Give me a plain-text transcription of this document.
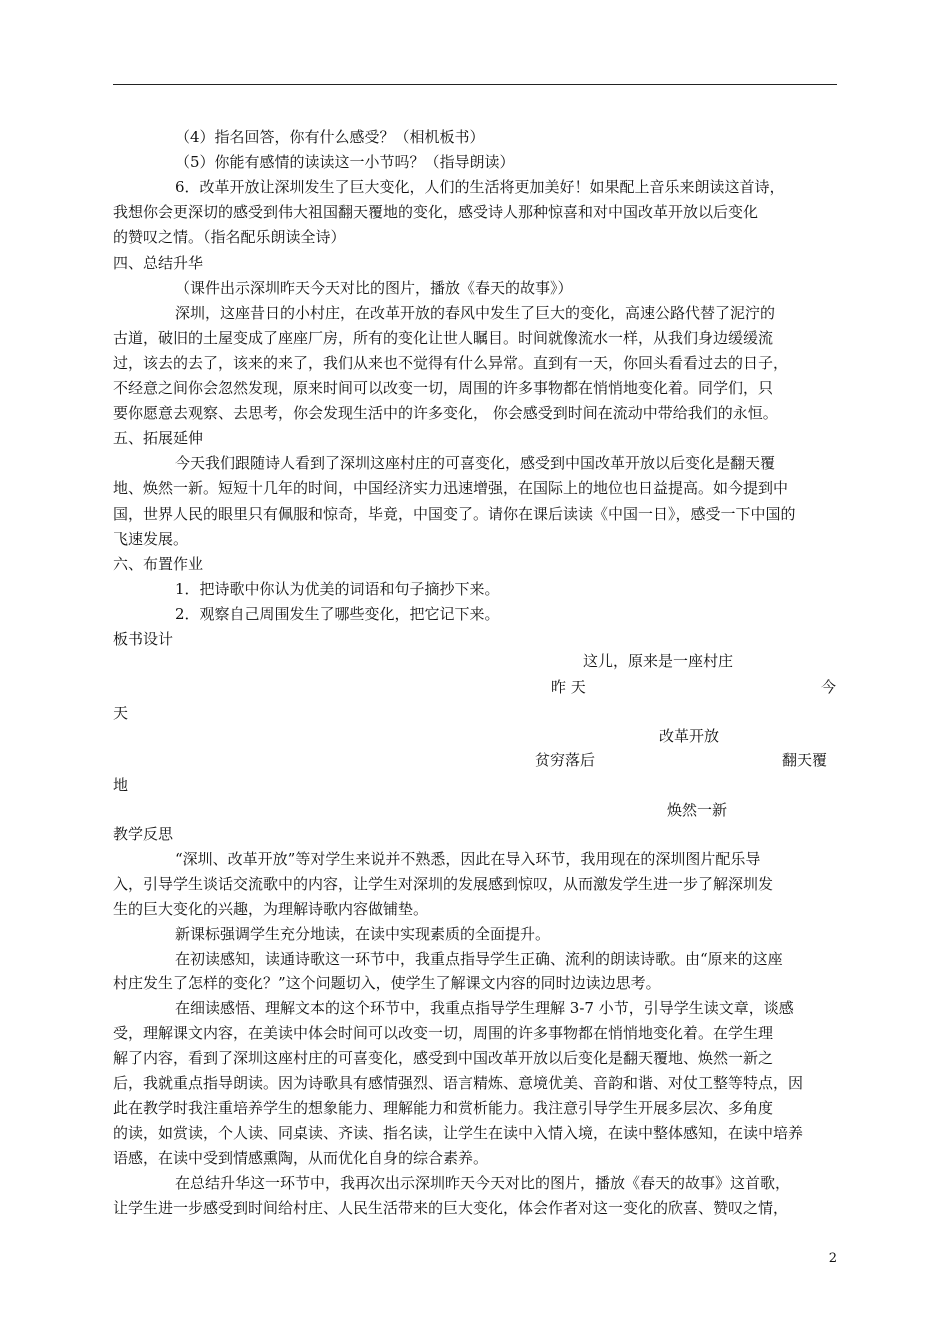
（4）指名回答，你有什么感受？（相机板书）
（5）你能有感情的读读这一小节吗？（指导朗读）
6．改革开放让深圳发生了巨大变化，人们的生活将更加美好！如果配上音乐来朗读这首诗，
我想你会更深切的感受到伟大祖国翻天覆地的变化，感受诗人那种惊喜和对中国改革开放以后变化
的赞叹之情。（指名配乐朗读全诗）
四、总结升华
（课件出示深圳昨天今天对比的图片，播放《春天的故事》）
深圳，这座昔日的小村庄，在改革开放的春风中发生了巨大的变化，高速公路代替了泥泞的
古道，破旧的土屋变成了座座厂房，所有的变化让世人瞩目。时间就像流水一样，从我们身边缓缓流
过，该去的去了，该来的来了，我们从来也不觉得有什么异常。直到有一天，你回头看看过去的日子，
不经意之间你会忽然发现，原来时间可以改变一切，周围的许多事物都在悄悄地变化着。同学们，只
要你愿意去观察、去思考，你会发现生活中的许多变化， 你会感受到时间在流动中带给我们的永恒。
五、拓展延伸
今天我们跟随诗人看到了深圳这座村庄的可喜变化，感受到中国改革开放以后变化是翻天覆
地、焕然一新。短短十几年的时间，中国经济实力迅速增强，在国际上的地位也日益提高。如今提到中
国，世界人民的眼里只有佩服和惊奇，毕竟，中国变了。请你在课后读读《中国一日》，感受一下中国的
飞速发展。
六、布置作业
1．把诗歌中你认为优美的词语和句子摘抄下来。
2．观察自己周围发生了哪些变化，把它记下来。
板书设计
这儿，原来是一座村庄
昨 天	今
天
改革开放
贫穷落后	翻天覆
地
焕然一新
教学反思
“深圳、改革开放”等对学生来说并不熟悉，因此在导入环节，我用现在的深圳图片配乐导
入，引导学生谈话交流歌中的内容，让学生对深圳的发展感到惊叹，从而激发学生进一步了解深圳发
生的巨大变化的兴趣，为理解诗歌内容做铺垫。
新课标强调学生充分地读，在读中实现素质的全面提升。
在初读感知，读通诗歌这一环节中，我重点指导学生正确、流利的朗读诗歌。由“原来的这座
村庄发生了怎样的变化？”这个问题切入，使学生了解课文内容的同时边读边思考。
在细读感悟、理解文本的这个环节中，我重点指导学生理解 3-7 小节，引导学生读文章，谈感
受，理解课文内容，在美读中体会时间可以改变一切，周围的许多事物都在悄悄地变化着。在学生理
解了内容，看到了深圳这座村庄的可喜变化，感受到中国改革开放以后变化是翻天覆地、焕然一新之
后，我就重点指导朗读。因为诗歌具有感情强烈、语言精炼、意境优美、音韵和谐、对仗工整等特点，因
此在教学时我注重培养学生的想象能力、理解能力和赏析能力。我注意引导学生开展多层次、多角度
的读，如赏读，个人读、同桌读、齐读、指名读，让学生在读中入情入境，在读中整体感知，在读中培养
语感，在读中受到情感熏陶，从而优化自身的综合素养。
在总结升华这一环节中，我再次出示深圳昨天今天对比的图片，播放《春天的故事》这首歌，
让学生进一步感受到时间给村庄、人民生活带来的巨大变化，体会作者对这一变化的欣喜、赞叹之情，
2
